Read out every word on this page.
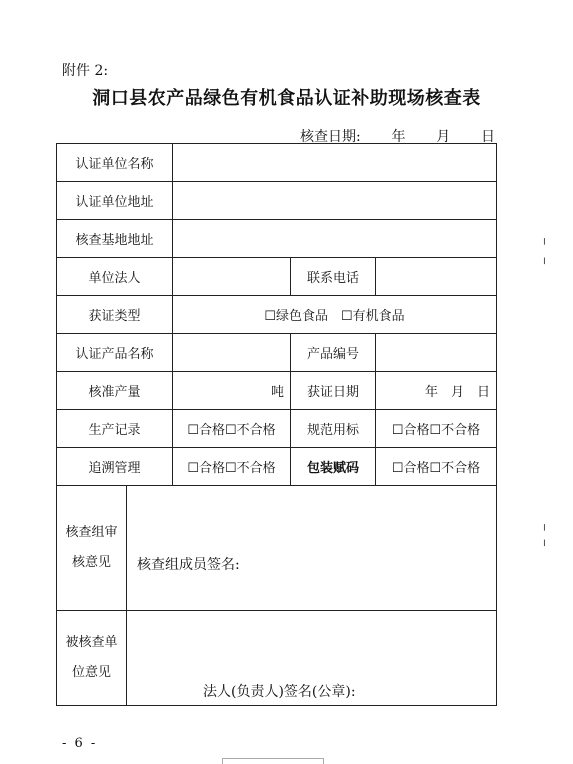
附件 2:
洞口县农产品绿色有机食品认证补助现场核查表
核查日期: 年 月 日
认证单位名称				
认证单位地址				
核查基地地址				
单位法人			联系电话	
获证类型		☐绿色食品　☐有机食品		
认证产品名称			产品编号	
核准产量		吨	获证日期	年　月　日
生产记录		☐合格☐不合格	规范用标	☐合格☐不合格
追溯管理		☐合格☐不合格	包装赋码	☐合格☐不合格
核查组审核意见	核查组成员签名:			

被核查单位意见	法人(负责人)签名(公章):			
╷
╵
╷
╵
- 6 -
